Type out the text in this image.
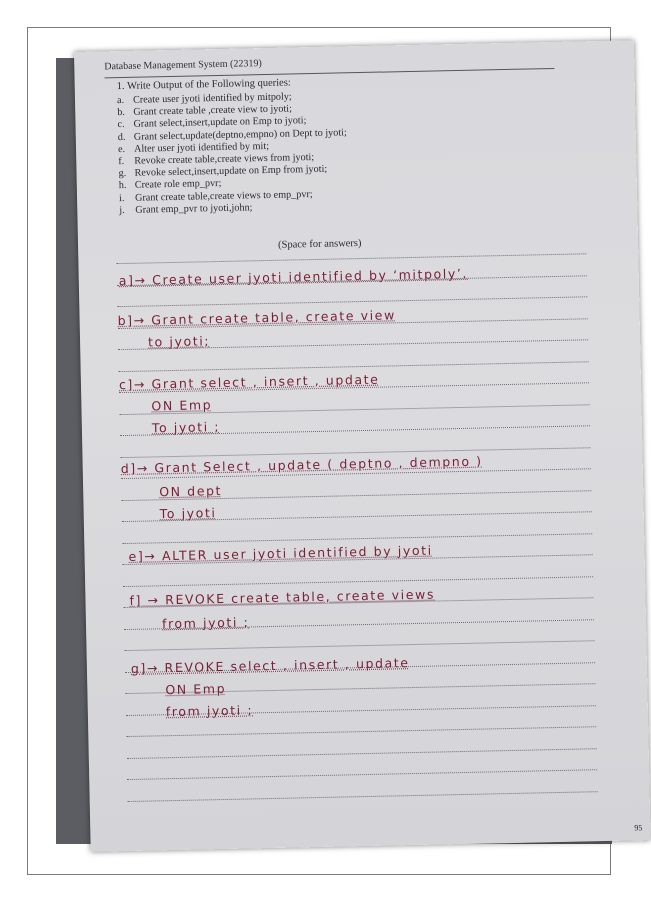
Database Management System (22319)
1. Write Output of the Following queries:
a. Create user jyoti identified by mitpoly;
b. Grant create table ,create view to jyoti;
c. Grant select,insert,update on Emp to jyoti;
d. Grant select,update(deptno,empno) on Dept to jyoti;
e. Alter user jyoti identified by mit;
f. Revoke create table,create views from jyoti;
g. Revoke select,insert,update on Emp from jyoti;
h. Create role emp_pvr;
i. Grant create table,create views to emp_pvr;
j. Grant emp_pvr to jyoti,john;
(Space for answers)
a]→ Create user jyoti identified by ‘mitpoly’.
b]→ Grant create table, create view
to jyoti;
c]→ Grant select , insert , update
ON Emp
To jyoti ;
d]→ Grant Select , update ( deptno , dempno )
ON dept
To jyoti
e]→ ALTER user jyoti identified by jyoti
f] → REVOKE create table, create views
from jyoti ;
g]→ REVOKE select , insert , update
ON Emp
from jyoti ;
95
